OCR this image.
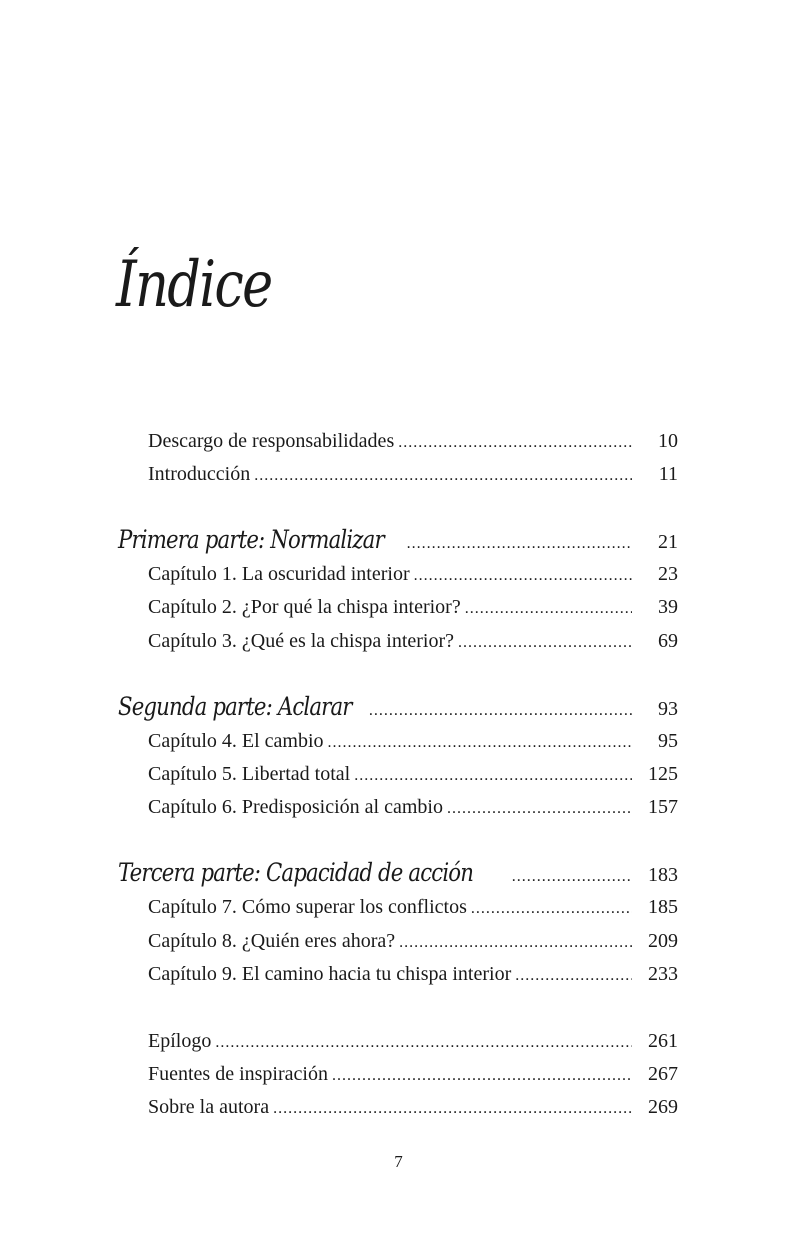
Índice
Descargo de responsabilidades .....	10
Introducción .....	11
Primera parte: Normalizar .....	21
Capítulo 1. La oscuridad interior .....	23
Capítulo 2. ¿Por qué la chispa interior? .....	39
Capítulo 3. ¿Qué es la chispa interior? .....	69
Segunda parte: Aclarar .....	93
Capítulo 4. El cambio .....	95
Capítulo 5. Libertad total .....	125
Capítulo 6. Predisposición al cambio .....	157
Tercera parte: Capacidad de acción .....	183
Capítulo 7. Cómo superar los conflictos .....	185
Capítulo 8. ¿Quién eres ahora? .....	209
Capítulo 9. El camino hacia tu chispa interior .....	233
Epílogo .....	261
Fuentes de inspiración .....	267
Sobre la autora .....	269
7
